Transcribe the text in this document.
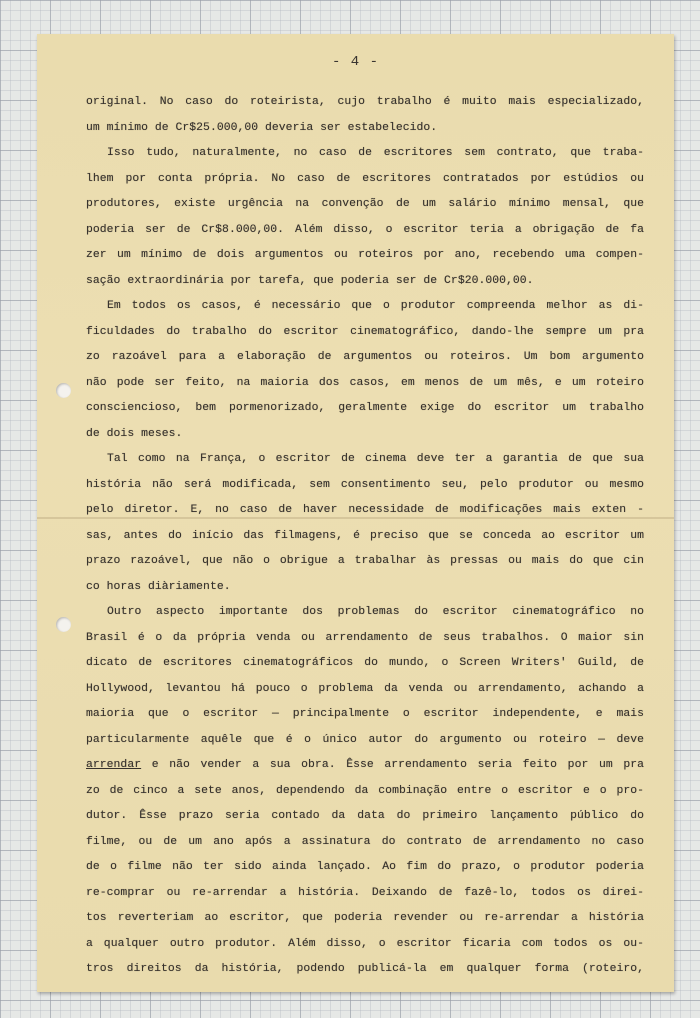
- 4 -
original. No caso do roteirista, cujo trabalho é muito mais especializado,
um mínimo de Cr$25.000,00 deveria ser estabelecido.
Isso tudo, naturalmente, no caso de escritores sem contrato, que traba-
lhem por conta própria. No caso de escritores contratados por estúdios ou
produtores, existe urgência na convenção de um salário mínimo mensal, que
poderia ser de Cr$8.000,00. Além disso, o escritor teria a obrigação de fa
zer um mínimo de dois argumentos ou roteiros por ano, recebendo uma compen-
sação extraordinária por tarefa, que poderia ser de Cr$20.000,00.
Em todos os casos, é necessário que o produtor compreenda melhor as di-
ficuldades do trabalho do escritor cinematográfico, dando-lhe sempre um pra
zo razoável para a elaboração de argumentos ou roteiros. Um bom argumento
não pode ser feito, na maioria dos casos, em menos de um mês, e um roteiro
consciencioso, bem pormenorizado, geralmente exige do escritor um trabalho
de dois meses.
Tal como na França, o escritor de cinema deve ter a garantia de que sua
história não será modificada, sem consentimento seu, pelo produtor ou mesmo
pelo diretor. E, no caso de haver necessidade de modificações mais exten -
sas, antes do início das filmagens, é preciso que se conceda ao escritor um
prazo razoável, que não o obrigue a trabalhar às pressas ou mais do que cin
co horas diàriamente.
Outro aspecto importante dos problemas do escritor cinematográfico no
Brasil é o da própria venda ou arrendamento de seus trabalhos. O maior sin
dicato de escritores cinematográficos do mundo, o Screen Writers' Guild, de
Hollywood, levantou há pouco o problema da venda ou arrendamento, achando a
maioria que o escritor — principalmente o escritor independente, e mais
particularmente aquêle que é o único autor do argumento ou roteiro — deve
arrendar e não vender a sua obra. Êsse arrendamento seria feito por um pra
zo de cinco a sete anos, dependendo da combinação entre o escritor e o pro-
dutor. Êsse prazo seria contado da data do primeiro lançamento público do
filme, ou de um ano após a assinatura do contrato de arrendamento no caso
de o filme não ter sido ainda lançado. Ao fim do prazo, o produtor poderia
re-comprar ou re-arrendar a história. Deixando de fazê-lo, todos os direi-
tos reverteriam ao escritor, que poderia revender ou re-arrendar a história
a qualquer outro produtor. Além disso, o escritor ficaria com todos os ou-
tros direitos da história, podendo publicá-la em qualquer forma (roteiro,
